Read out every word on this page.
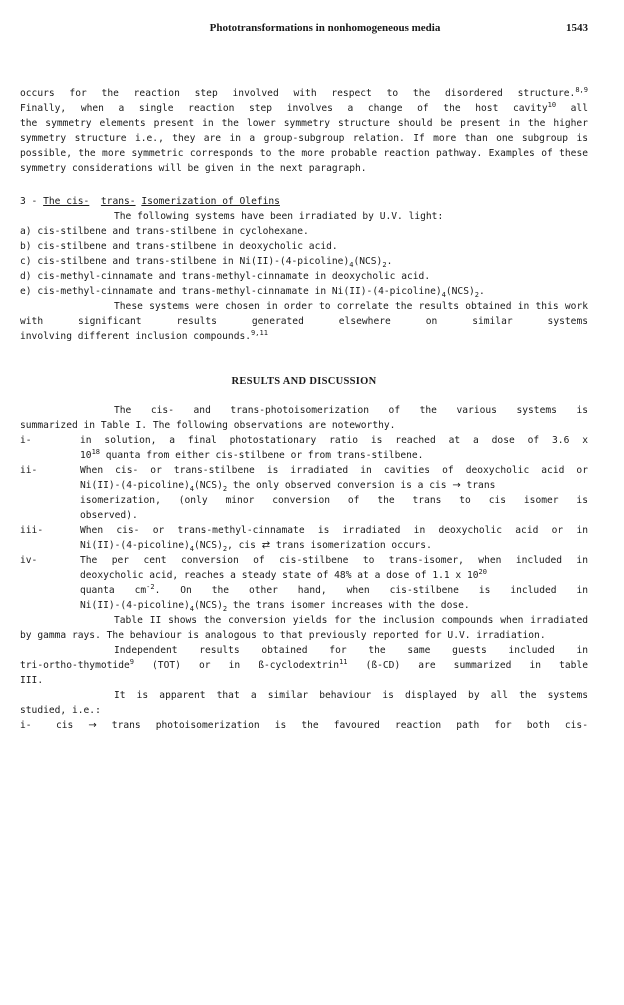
Phototransformations in nonhomogeneous media	1543

occurs for the reaction step involved with respect to the disordered structure.$^{8,9}$

Finally, when a single reaction step involves a change of the host cavity$^{10}$ all

the symmetry elements present in the lower symmetry structure should be present in the higher symmetry structure i.e., they are in a group-subgroup relation. If more than one subgroup is possible, the more symmetric corresponds to the more probable reaction pathway. Examples of these symmetry considerations will be given in the next paragraph.

3 - The cis- trans- Isomerization of Olefins

The following systems have been irradiated by U.V. light:

a) cis-stilbene and trans-stilbene in cyclohexane.

b) cis-stilbene and trans-stilbene in deoxycholic acid.

c) cis-stilbene and trans-stilbene in $Ni(II)-(4-picoline)_4(NCS)_2$.

d) cis-methyl-cinnamate and trans-methyl-cinnamate in deoxycholic acid.

e) cis-methyl-cinnamate and trans-methyl-cinnamate in $Ni(II)-(4-picoline)_4(NCS)_2$.

These systems were chosen in order to correlate the results obtained in this work with significant results generated elsewhere on similar systems

involving different inclusion compounds.$^{9,11}$

RESULTS AND DISCUSSION

The cis- and trans-photoisomerization of the various systems is

summarized in Table I. The following observations are noteworthy.

i-	in solution, a final photostationary ratio is reached at a dose of 3.6 x

$10^{18}$ quanta from either cis-stilbene or from trans-stilbene.

ii-	When cis- or trans-stilbene is irradiated in cavities of deoxycholic acid or

$Ni(II)-(4-picoline)_4(NCS)_2$ the only observed conversion is a cis → trans

isomerization, (only minor conversion of the trans to cis isomer is

observed).

iii-	When cis- or trans-methyl-cinnamate is irradiated in deoxycholic acid or in

$Ni(II)-(4-picoline)_4(NCS)_2$, cis ⇄ trans isomerization occurs.

iv-	The per cent conversion of cis-stilbene to trans-isomer, when included in

deoxycholic acid, reaches a steady state of 48% at a dose of 1.1 x $10^{20}$

quanta $cm^{-2}$. On the other hand, when cis-stilbene is included in

$Ni(II)-(4-picoline)_4(NCS)_2$ the trans isomer increases with the dose.

Table II shows the conversion yields for the inclusion compounds when irradiated by gamma rays. The behaviour is analogous to that previously reported for U.V. irradiation.

Independent results obtained for the same guests included in

tri-ortho-thymotide$^9$ (TOT) or in ß-cyclodextrin$^{11}$ (ß-CD) are summarized in table

III.

It is apparent that a similar behaviour is displayed by all the systems

studied, i.e.:

i-	cis → trans photoisomerization is the favoured reaction path for both cis-
